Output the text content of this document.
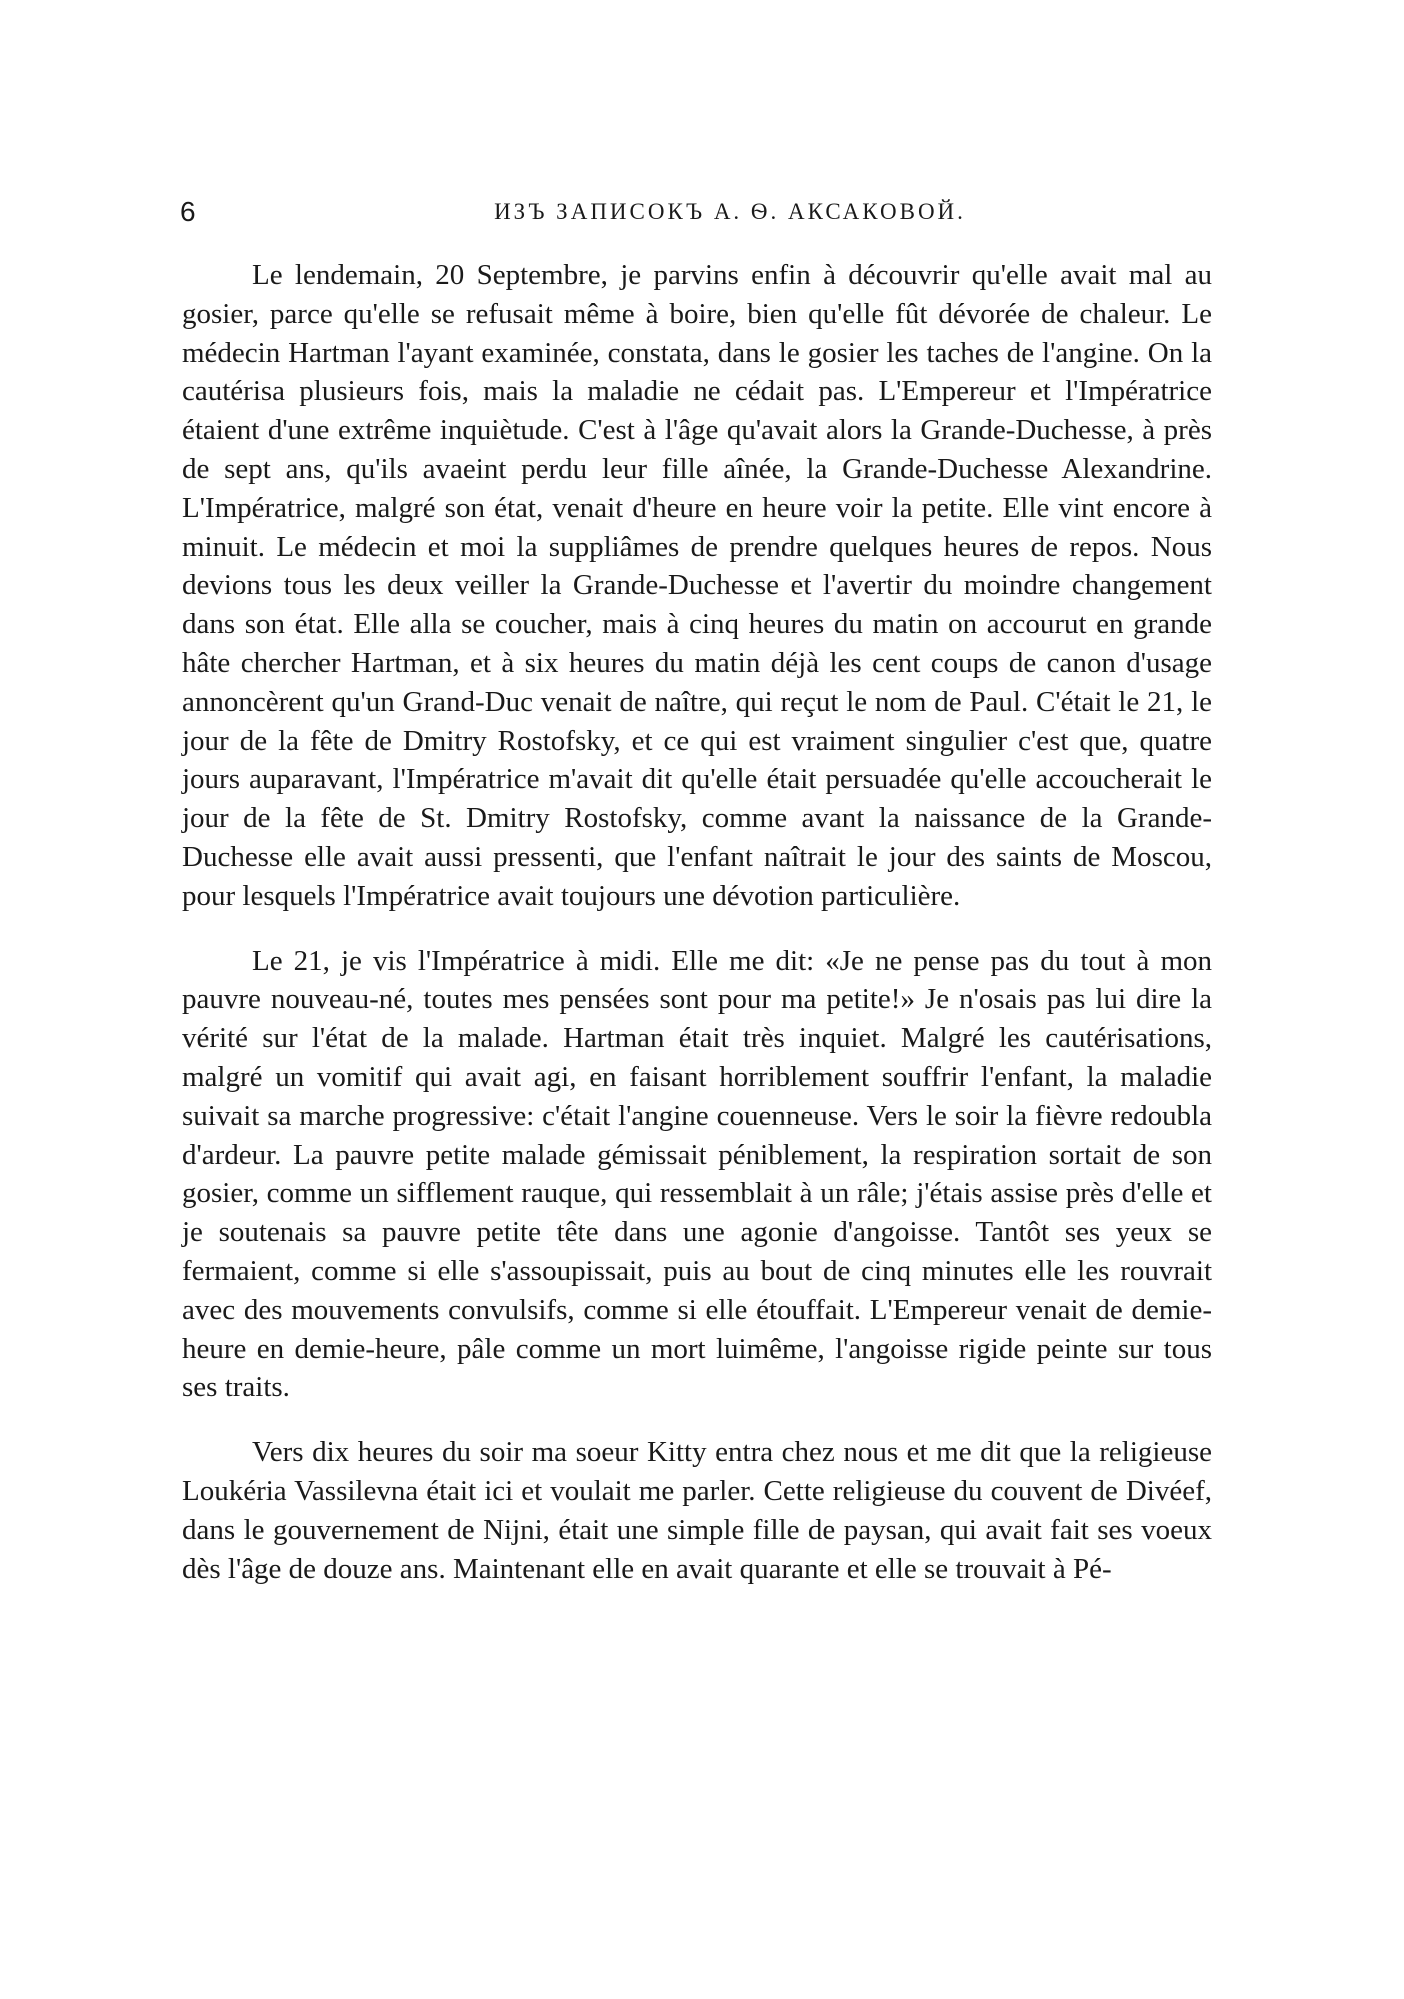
6	ИЗЪ ЗАПИСОКЪ А. Ѳ. АКСАКОВОЙ.

Le lendemain, 20 Septembre, je parvins enfin à découvrir qu'elle avait mal au gosier, parce qu'elle se refusait même à boire, bien qu'elle fût dévorée de chaleur. Le médecin Hartman l'ayant examinée, constata, dans le gosier les taches de l'angine. On la cautérisa plusieurs fois, mais la maladie ne cédait pas. L'Empereur et l'Impératrice étaient d'une extrême inquiètude. C'est à l'âge qu'avait alors la Grande-Duchesse, à près de sept ans, qu'ils avaeint perdu leur fille aînée, la Grande-Duchesse Alexandrine. L'Impératrice, malgré son état, venait d'heure en heure voir la petite. Elle vint encore à minuit. Le médecin et moi la suppliâmes de prendre quelques heures de repos. Nous devions tous les deux veiller la Grande-Duchesse et l'avertir du moindre changement dans son état. Elle alla se coucher, mais à cinq heures du matin on accourut en grande hâte chercher Hartman, et à six heures du matin déjà les cent coups de canon d'usage annoncèrent qu'un Grand-Duc venait de naître, qui reçut le nom de Paul. C'était le 21, le jour de la fête de Dmitry Rostofsky, et ce qui est vraiment singulier c'est que, quatre jours auparavant, l'Impératrice m'avait dit qu'elle était persuadée qu'elle accoucherait le jour de la fête de St. Dmitry Rostofsky, comme avant la naissance de la Grande-Duchesse elle avait aussi pressenti, que l'enfant naîtrait le jour des saints de Moscou, pour lesquels l'Impératrice avait toujours une dévotion particulière.

Le 21, je vis l'Impératrice à midi. Elle me dit: «Je ne pense pas du tout à mon pauvre nouveau-né, toutes mes pensées sont pour ma petite!» Je n'osais pas lui dire la vérité sur l'état de la malade. Hartman était très inquiet. Malgré les cautérisations, malgré un vomitif qui avait agi, en faisant horriblement souffrir l'enfant, la maladie suivait sa marche progressive: c'était l'angine couenneuse. Vers le soir la fièvre redoubla d'ardeur. La pauvre petite malade gémissait péniblement, la respiration sortait de son gosier, comme un sifflement rauque, qui ressemblait à un râle; j'étais assise près d'elle et je soutenais sa pauvre petite tête dans une agonie d'angoisse. Tantôt ses yeux se fermaient, comme si elle s'assoupissait, puis au bout de cinq minutes elle les rouvrait avec des mouvements convulsifs, comme si elle étouffait. L'Empereur venait de demie-heure en demie-heure, pâle comme un mort luimême, l'angoisse rigide peinte sur tous ses traits.

Vers dix heures du soir ma soeur Kitty entra chez nous et me dit que la religieuse Loukéria Vassilevna était ici et voulait me parler. Cette religieuse du couvent de Divéef, dans le gouvernement de Nijni, était une simple fille de paysan, qui avait fait ses voeux dès l'âge de douze ans. Maintenant elle en avait quarante et elle se trouvait à Pé-
